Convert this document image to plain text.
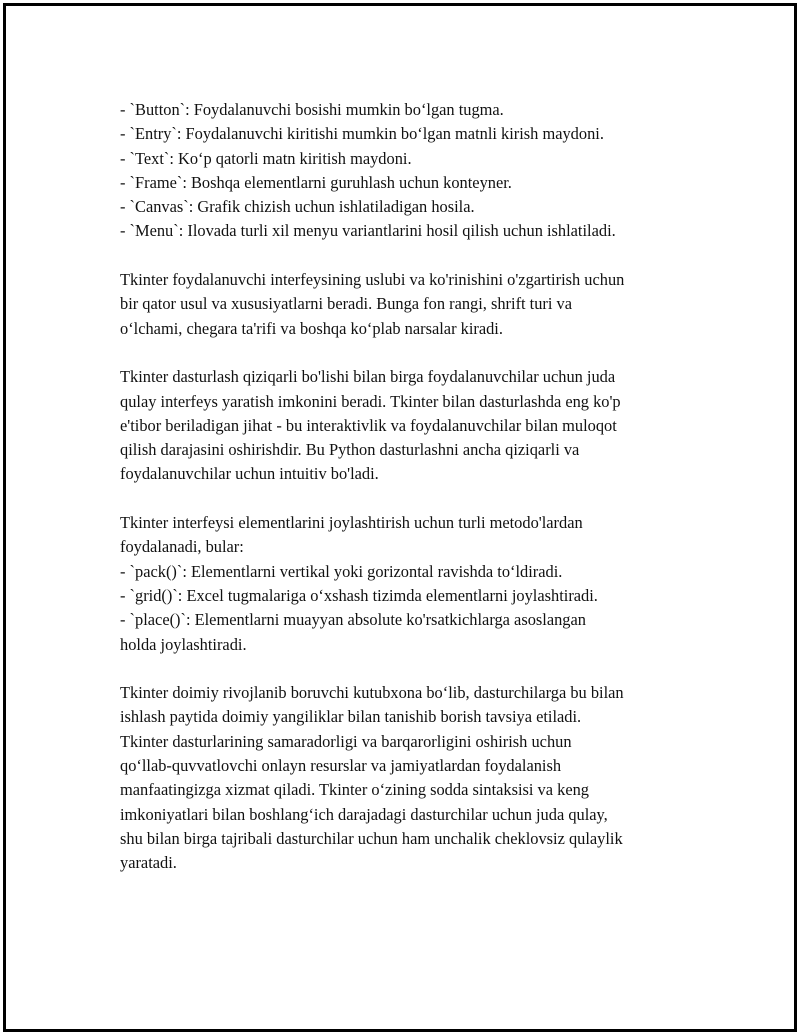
- `Button`: Foydalanuvchi bosishi mumkin bo‘lgan tugma.
- `Entry`: Foydalanuvchi kiritishi mumkin bo‘lgan matnli kirish maydoni.
- `Text`: Ko‘p qatorli matn kiritish maydoni.
- `Frame`: Boshqa elementlarni guruhlash uchun konteyner.
- `Canvas`: Grafik chizish uchun ishlatiladigan hosila.
- `Menu`: Ilovada turli xil menyu variantlarini hosil qilish uchun ishlatiladi.
Tkinter foydalanuvchi interfeysining uslubi va ko'rinishini o'zgartirish uchun
bir qator usul va xususiyatlarni beradi. Bunga fon rangi, shrift turi va
o‘lchami, chegara ta'rifi va boshqa ko‘plab narsalar kiradi.
Tkinter dasturlash qiziqarli bo'lishi bilan birga foydalanuvchilar uchun juda
qulay interfeys yaratish imkonini beradi. Tkinter bilan dasturlashda eng ko'p
e'tibor beriladigan jihat - bu interaktivlik va foydalanuvchilar bilan muloqot
qilish darajasini oshirishdir. Bu Python dasturlashni ancha qiziqarli va
foydalanuvchilar uchun intuitiv bo'ladi.
Tkinter interfeysi elementlarini joylashtirish uchun turli metodo'lardan
foydalanadi, bular:
- `pack()`: Elementlarni vertikal yoki gorizontal ravishda to‘ldiradi.
- `grid()`: Excel tugmalariga o‘xshash tizimda elementlarni joylashtiradi.
- `place()`: Elementlarni muayyan absolute ko'rsatkichlarga asoslangan
holda joylashtiradi.
Tkinter doimiy rivojlanib boruvchi kutubxona bo‘lib, dasturchilarga bu bilan
ishlash paytida doimiy yangiliklar bilan tanishib borish tavsiya etiladi.
Tkinter dasturlarining samaradorligi va barqarorligini oshirish uchun
qo‘llab-quvvatlovchi onlayn resurslar va jamiyatlardan foydalanish
manfaatingizga xizmat qiladi. Tkinter o‘zining sodda sintaksisi va keng
imkoniyatlari bilan boshlang‘ich darajadagi dasturchilar uchun juda qulay,
shu bilan birga tajribali dasturchilar uchun ham unchalik cheklovsiz qulaylik
yaratadi.
